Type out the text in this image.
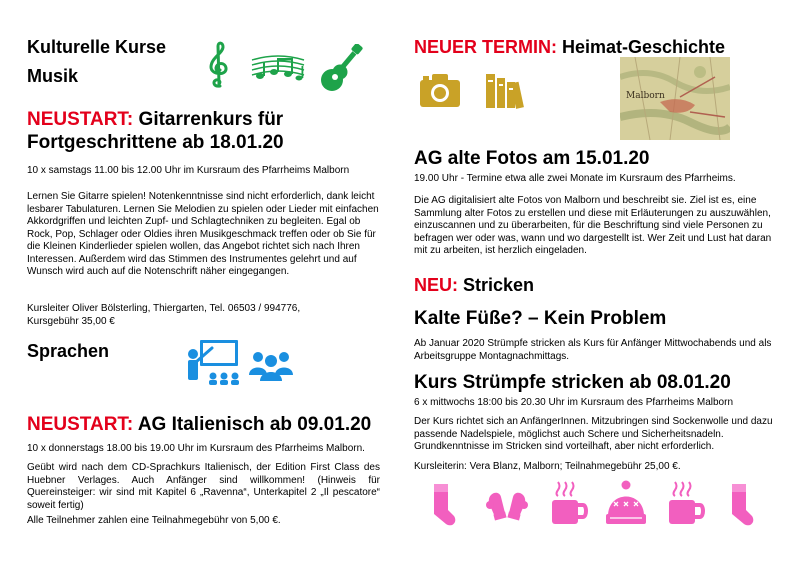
Kulturelle Kurse
Musik
NEUSTART: Gitarrenkurs für
Fortgeschrittene ab 18.01.20
10 x samstags 11.00 bis 12.00 Uhr im Kursraum des Pfarrheims Malborn
Lernen Sie Gitarre spielen! Notenkenntnisse sind nicht erforderlich, dank leicht lesbarer Tabulaturen. Lernen Sie Melodien zu spielen oder Lieder mit einfachen Akkordgriffen und leichten Zupf- und Schlagtechniken zu begleiten. Egal ob Rock, Pop, Schlager oder Oldies ihren Musikgeschmack treffen oder ob Sie für die Kleinen Kinderlieder spielen wollen, das Angebot richtet sich nach Ihren Interessen. Außerdem wird das Stimmen des Instrumentes gelehrt und auf Wunsch wird auch auf die Notenschrift näher eingegangen.
Kursleiter Oliver Bölsterling, Thiergarten, Tel. 06503 / 994776,
Kursgebühr 35,00 €
Sprachen
NEUSTART: AG Italienisch ab 09.01.20
10 x donnerstags 18.00 bis 19.00 Uhr im Kursraum des Pfarrheims Malborn.
Geübt wird nach dem CD-Sprachkurs Italienisch, der Edition First Class des Huebner Verlages. Auch Anfänger sind willkommen! (Hinweis für Quereinsteiger: wir sind mit Kapitel 6 „Ravenna“, Unterkapitel 2 „Il pescatore“ soweit fertig)
Alle Teilnehmer zahlen eine Teilnahmegebühr von 5,00 €.
NEUER TERMIN: Heimat-Geschichte
Malborn
AG alte Fotos am 15.01.20
19.00 Uhr - Termine etwa alle zwei Monate im Kursraum des Pfarrheims.
Die AG digitalisiert alte Fotos von Malborn und beschreibt sie. Ziel ist es, eine Sammlung alter Fotos zu erstellen und diese mit Erläuterungen zu auszuwählen, einzuscannen und zu überarbeiten, für die Beschriftung sind viele Personen zu befragen wer oder was, wann und wo dargestellt ist. Wer Zeit und Lust hat daran mit zu arbeiten, ist herzlich eingeladen.
NEU: Stricken
Kalte Füße? – Kein Problem
Ab Januar 2020 Strümpfe stricken als Kurs für Anfänger Mittwochabends und als Arbeitsgruppe Montagnachmittags.
Kurs Strümpfe stricken ab 08.01.20
6 x mittwochs 18:00 bis 20.30 Uhr im Kursraum des Pfarrheims Malborn
Der Kurs richtet sich an AnfängerInnen. Mitzubringen sind Sockenwolle und dazu passende Nadelspiele, möglichst auch Schere und Sicherheitsnadeln. Grundkenntnisse im Stricken sind vorteilhaft, aber nicht erforderlich.
Kursleiterin: Vera Blanz, Malborn; Teilnahmegebühr 25,00 €.
